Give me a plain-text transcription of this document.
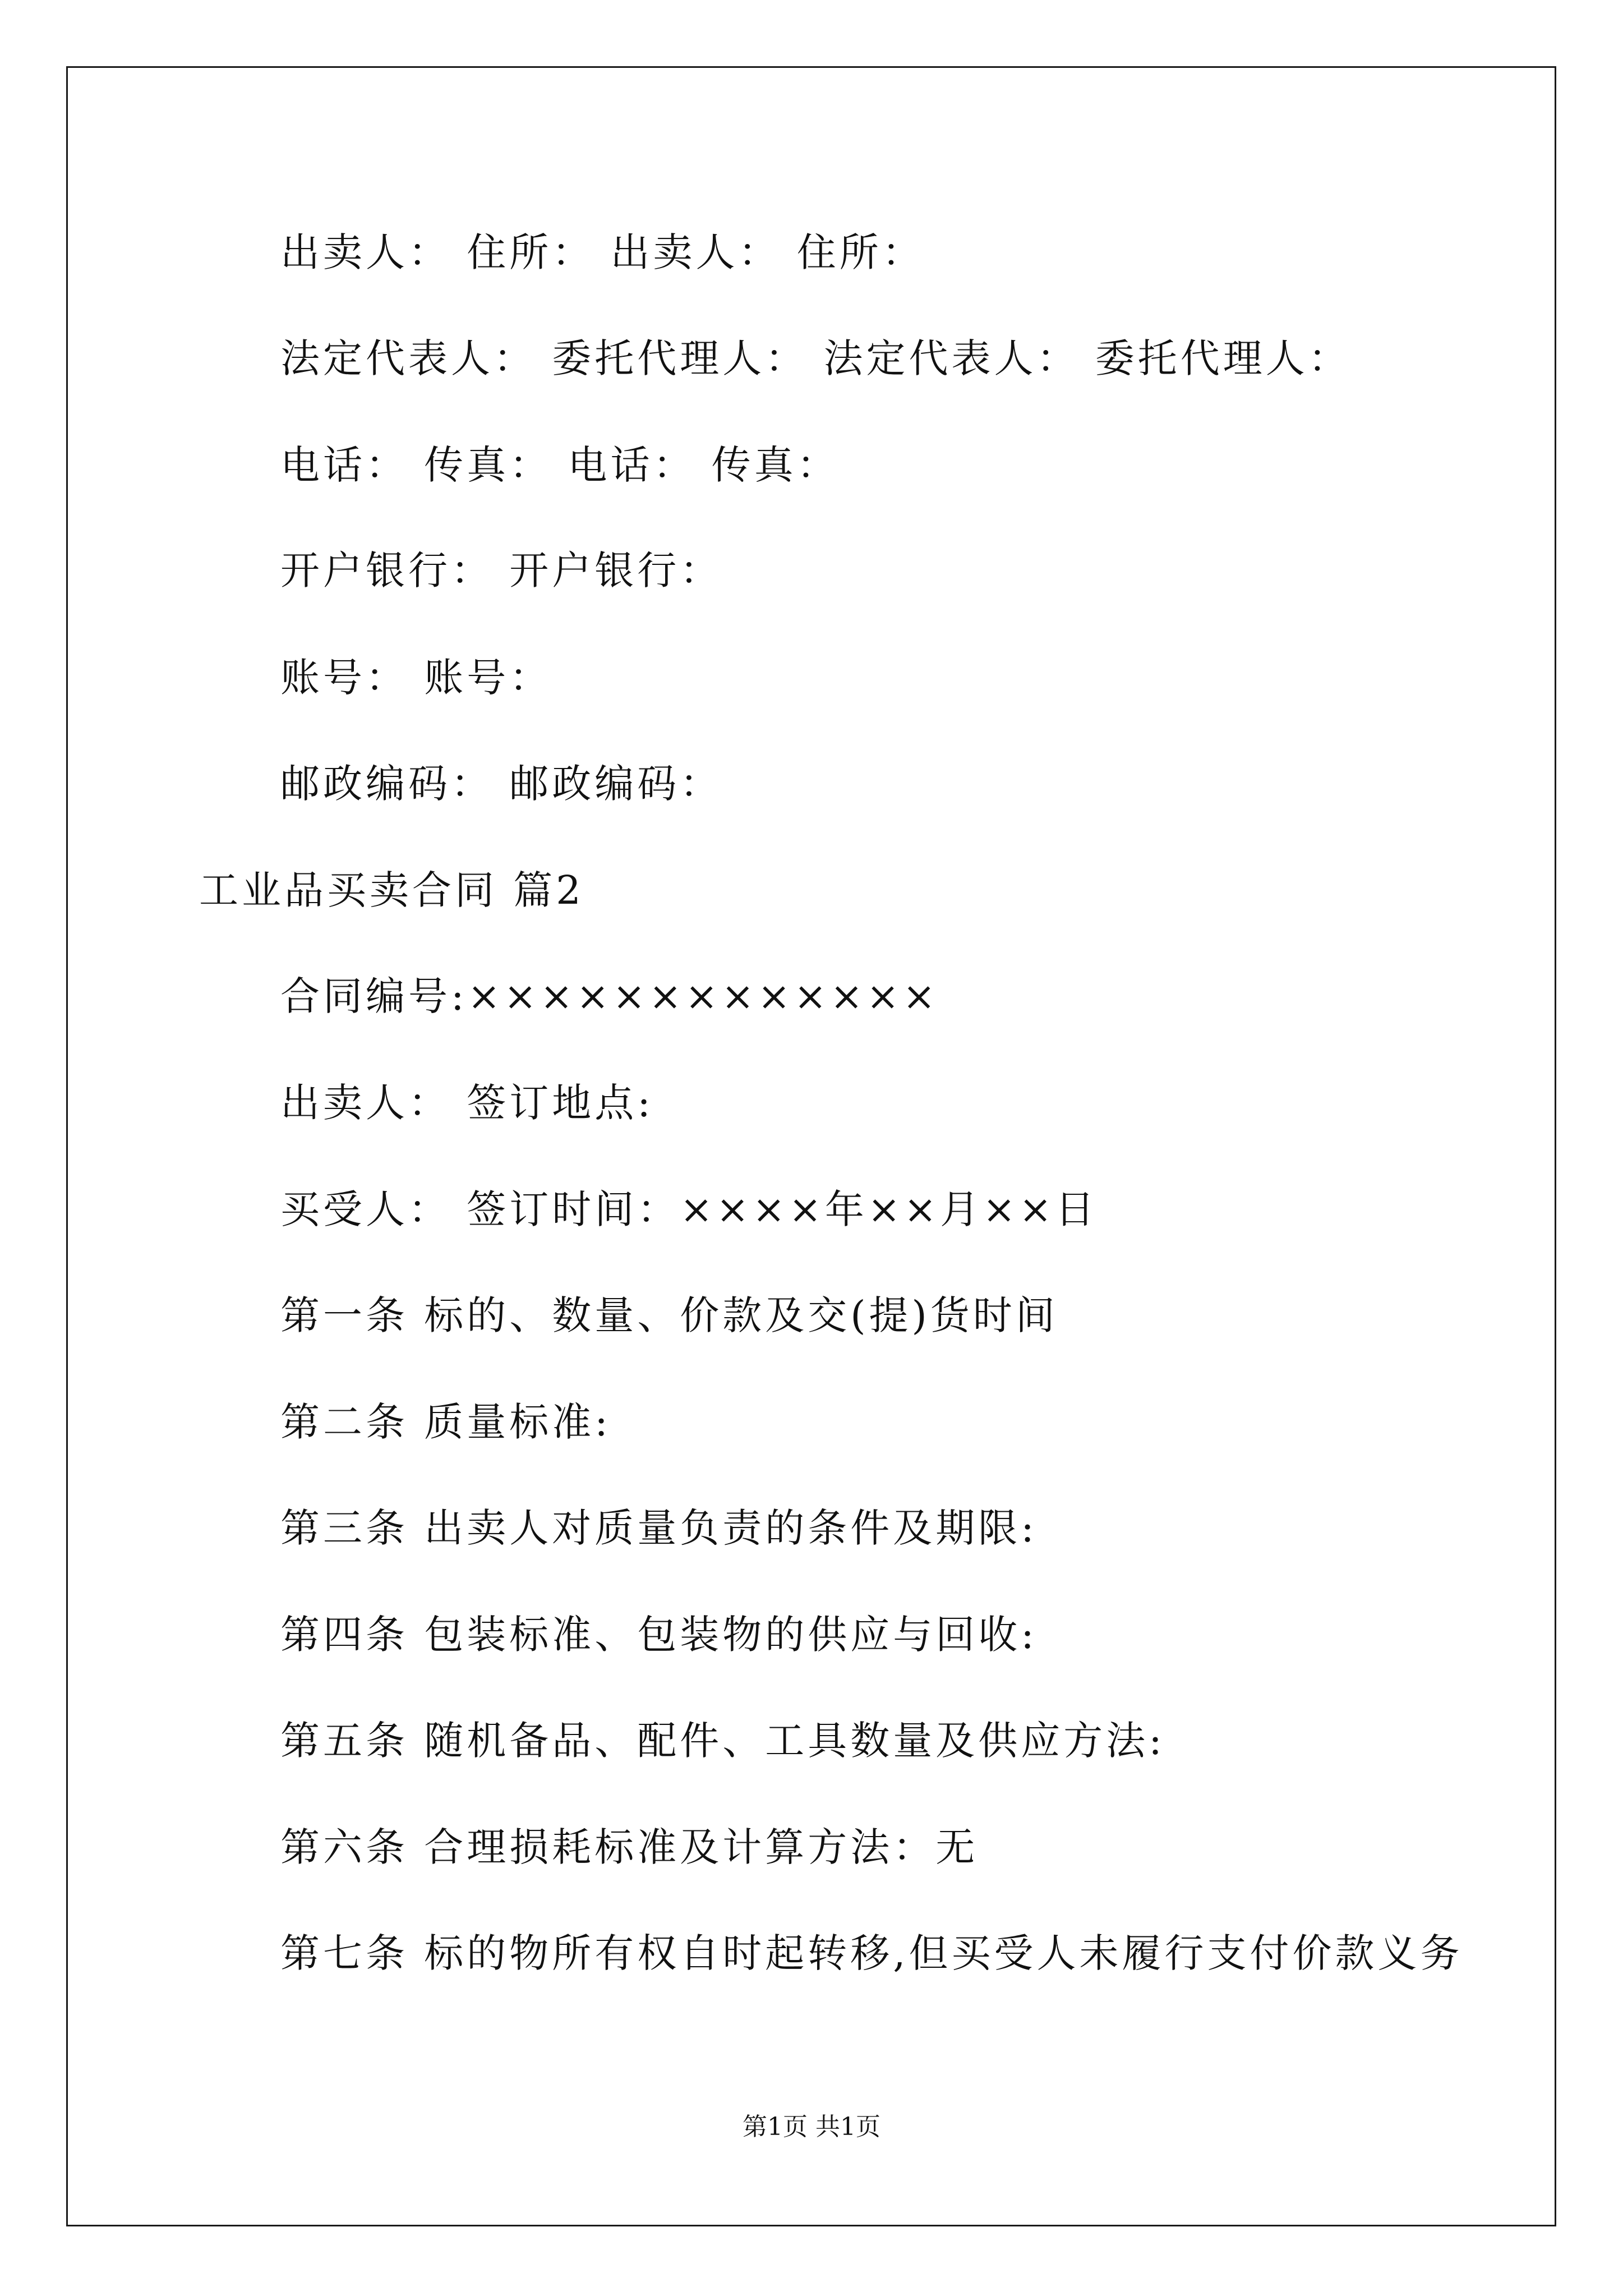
出卖人： 住所： 出卖人： 住所：
法定代表人： 委托代理人： 法定代表人： 委托代理人：
电话： 传真： 电话： 传真：
开户银行： 开户银行：
账号： 账号：
邮政编码： 邮政编码：
工业品买卖合同 篇2
合同编号:×××××××××××××
出卖人： 签订地点:
买受人： 签订时间：××××年××月××日
第一条 标的、数量、价款及交(提)货时间
第二条 质量标准:
第三条 出卖人对质量负责的条件及期限:
第四条 包装标准、包装物的供应与回收:
第五条 随机备品、配件、工具数量及供应方法:
第六条 合理损耗标准及计算方法：无
第七条 标的物所有权自时起转移,但买受人未履行支付价款义务
第1页 共1页
